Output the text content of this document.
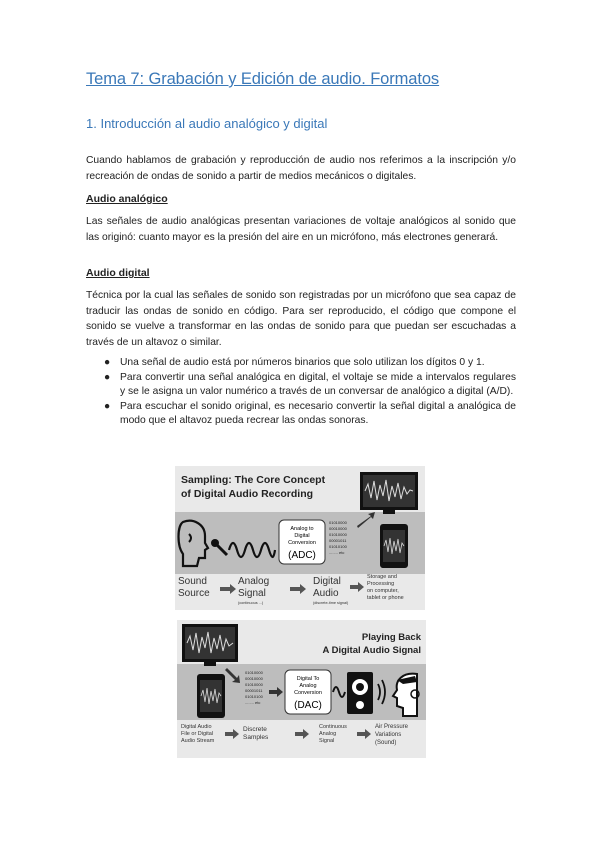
Tema 7: Grabación y Edición de audio. Formatos
1. Introducción al audio analógico y digital

Cuando hablamos de grabación y reproducción de audio nos referimos a la inscripción y/o recreación de ondas de sonido a partir de medios mecánicos o digitales.

Audio analógico

Las señales de audio analógicas presentan variaciones de voltaje analógicos al sonido que las originó: cuanto mayor es la presión del aire en un micrófono, más electrones generará.

Audio digital

Técnica por la cual las señales de sonido son registradas por un micrófono que sea capaz de traducir las ondas de sonido en código. Para ser reproducido, el código que compone el sonido se vuelve a transformar en las ondas de sonido para que puedan ser escuchadas a través de un altavoz o similar.

● Una señal de audio está por números binarios que solo utilizan los dígitos 0 y 1.
● Para convertir una señal analógica en digital, el voltaje se mide a intervalos regulares y se le asigna un valor numérico a través de un conversar de analógico a digital (A/D).
● Para escuchar el sonido original, es necesario convertir la señal digital a analógica de modo que el altavoz pueda recrear las ondas sonoras.
Sampling: The Core Concept
of Digital Audio Recording
Analog to
Digital
Conversion
(ADC)
01010000
00010000
01010000
00001011
01010100
........ etc
Sound
Source
Analog
Signal
(continuous ...)
Digital
Audio
(discrete-time signal)
Storage and
Processing
on computer,
tablet or phone
Playing Back
A Digital Audio Signal
01010000
00010000
01010000
00001011
01010100
........ etc
Digital To
Analog
Conversion
(DAC)
Digital Audio
File or Digital
Audio Stream
Discrete
Samples
Continuous
Analog
Signal
Air Pressure
Variations
(Sound)
